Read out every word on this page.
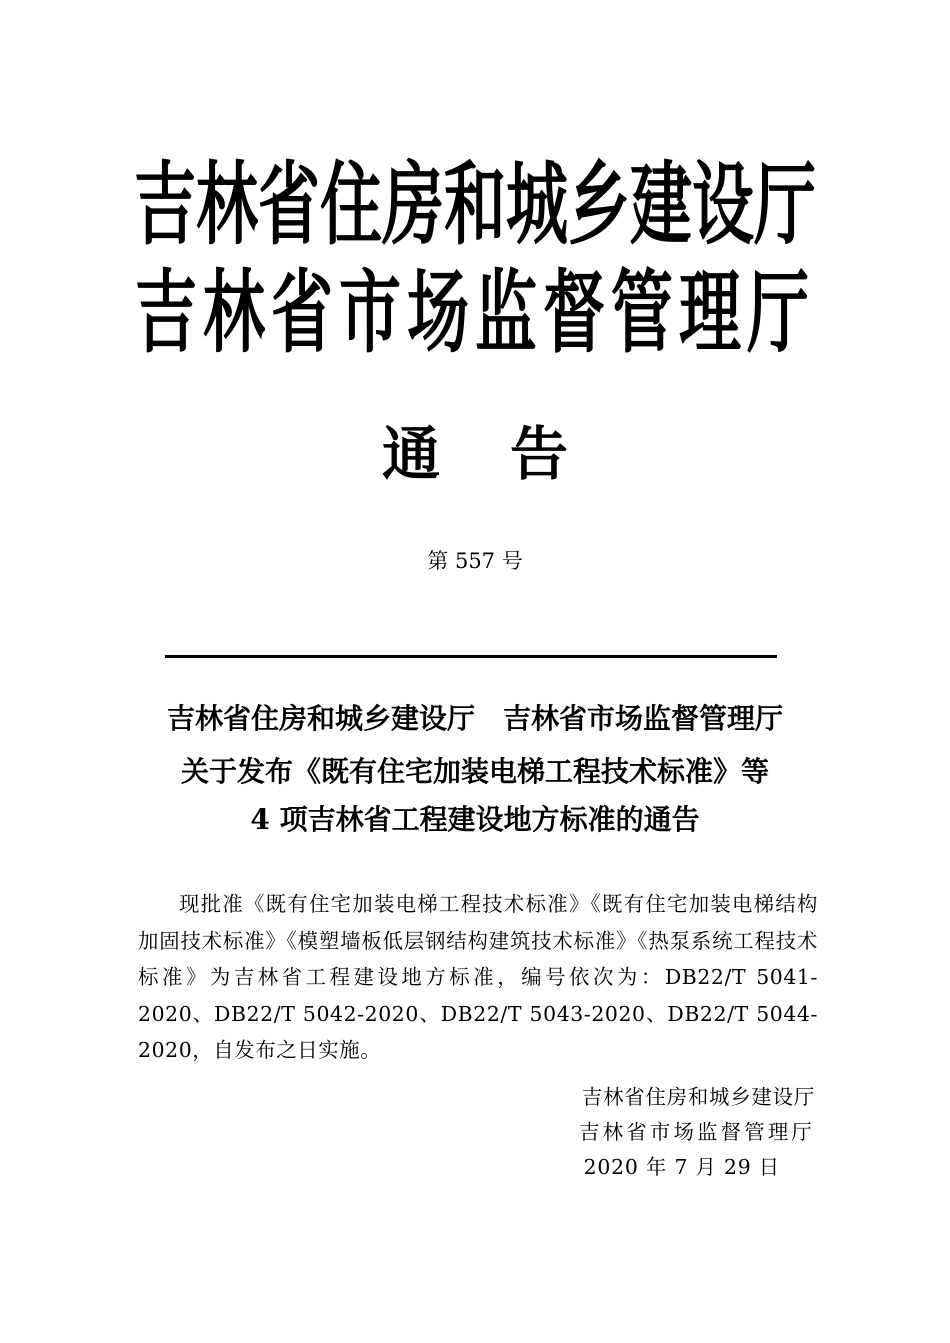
吉林省住房和城乡建设厅
吉林省市场监督管理厅
通告
第 557 号
吉林省住房和城乡建设厅　吉林省市场监督管理厅
关于发布《既有住宅加装电梯工程技术标准》等
4 项吉林省工程建设地方标准的通告

现批准《既有住宅加装电梯工程技术标准》《既有住宅加装电梯结构加固技术标准》《模塑墙板低层钢结构建筑技术标准》《热泵系统工程技术标准》为吉林省工程建设地方标准，编号依次为：DB22/T 5041-2020、DB22/T 5042-2020、DB22/T 5043-2020、DB22/T 5044-2020，自发布之日实施。

吉林省住房和城乡建设厅
吉林省市场监督管理厅
2020 年 7 月 29 日
